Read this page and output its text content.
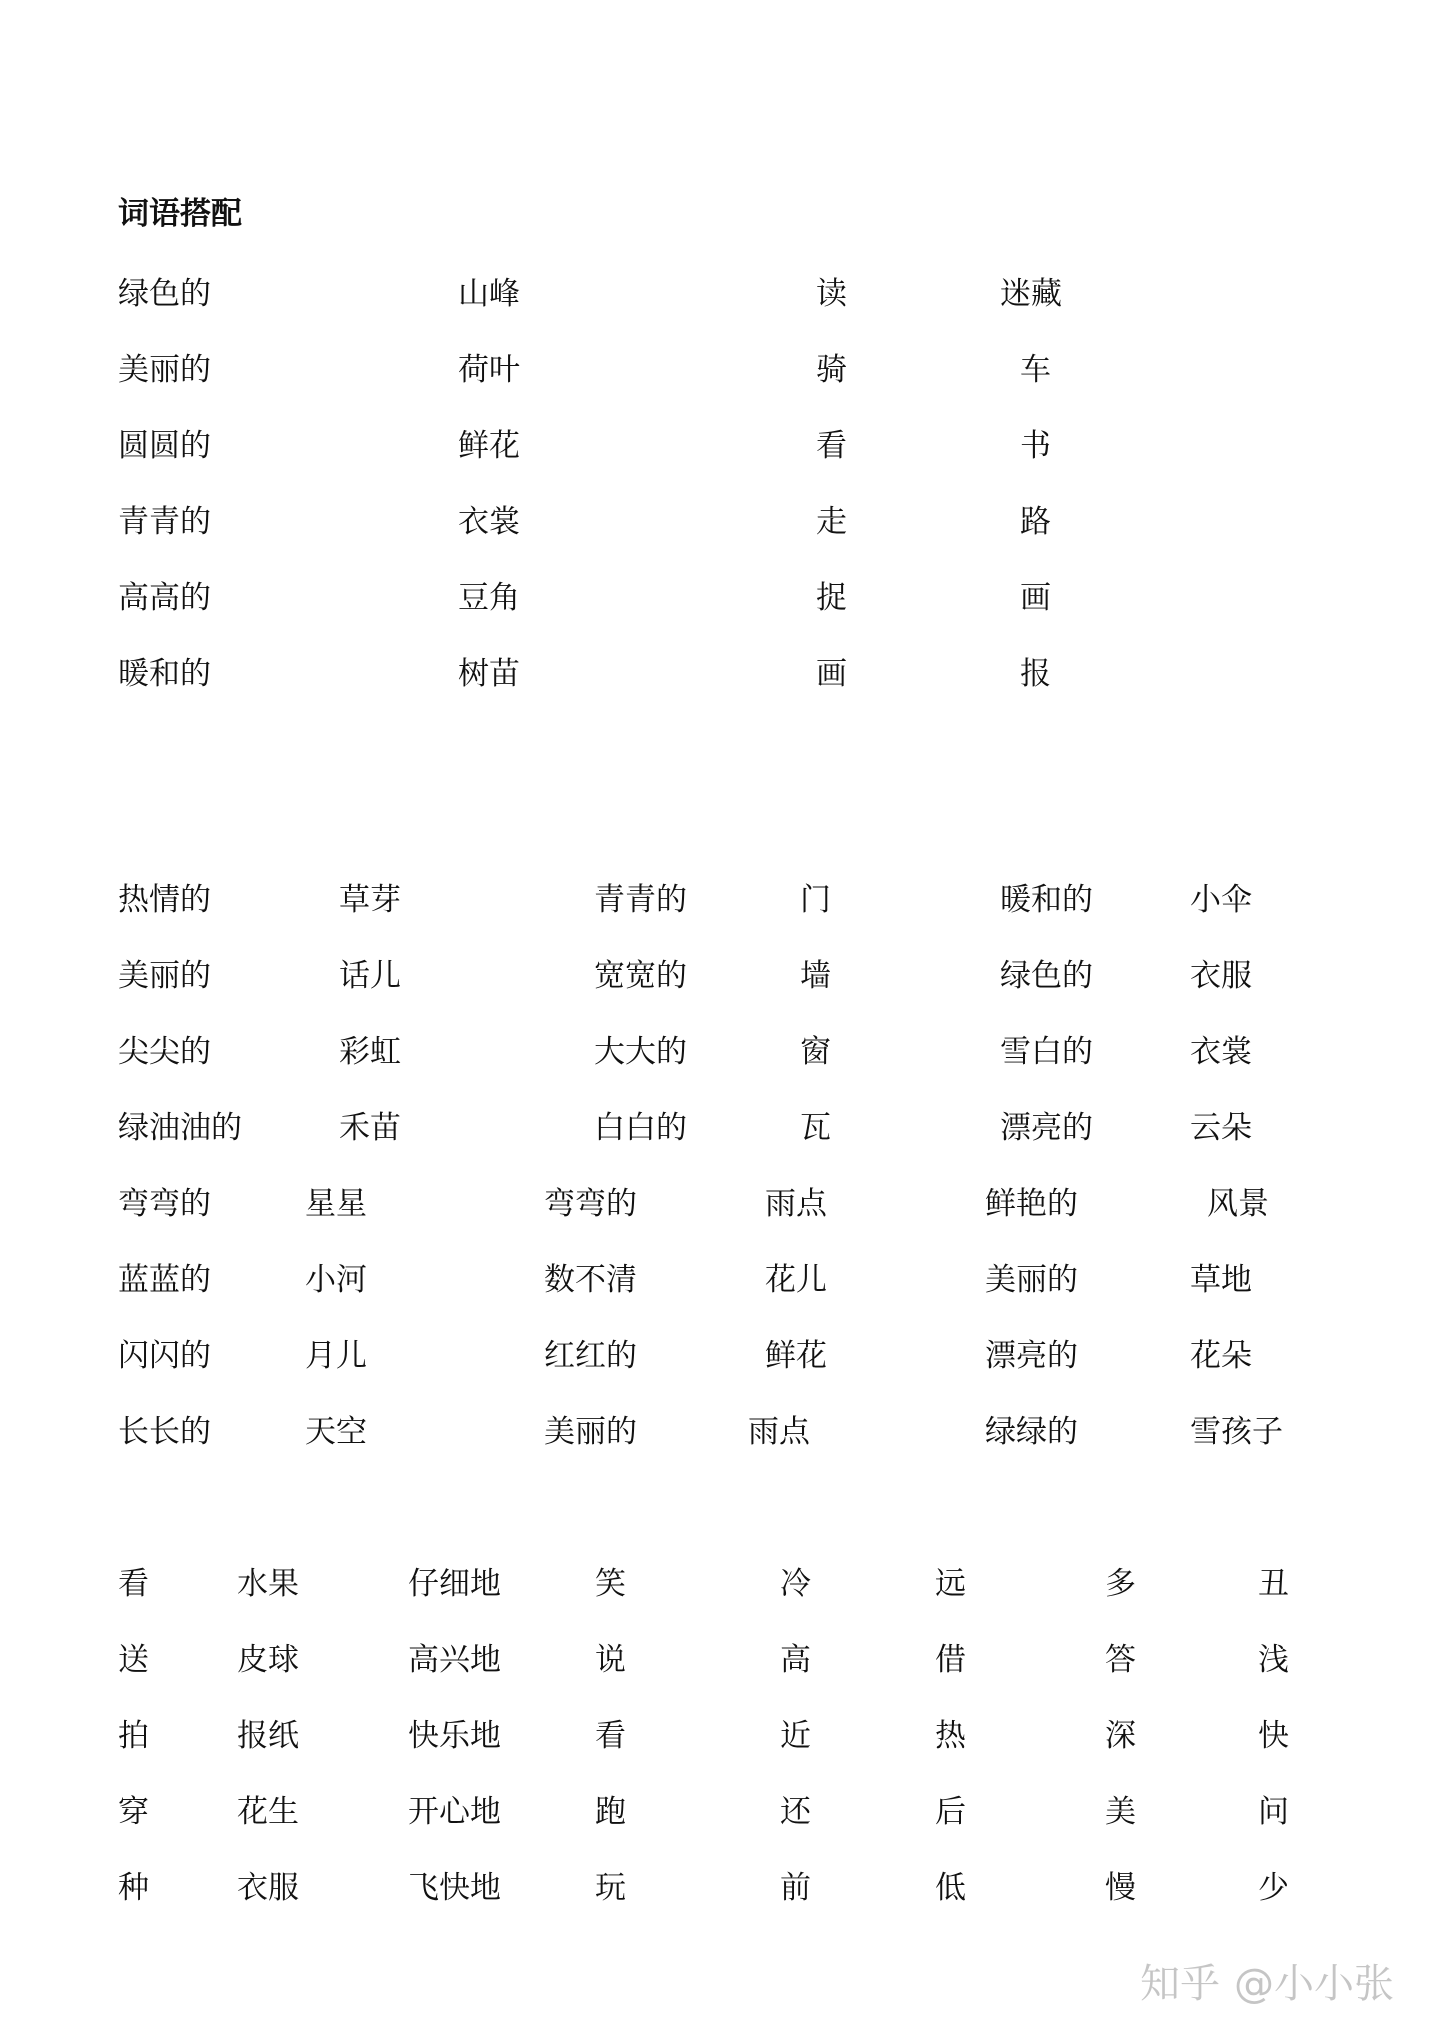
词语搭配
绿色的	山峰	读	迷藏
美丽的	荷叶	骑	车
圆圆的	鲜花	看	书
青青的	衣裳	走	路
高高的	豆角	捉	画
暖和的	树苗	画	报
热情的	草芽	青青的	门	暖和的	小伞
美丽的	话儿	宽宽的	墙	绿色的	衣服
尖尖的	彩虹	大大的	窗	雪白的	衣裳
绿油油的	禾苗	白白的	瓦	漂亮的	云朵
弯弯的	星星	弯弯的	雨点	鲜艳的	风景
蓝蓝的	小河	数不清	花儿	美丽的	草地
闪闪的	月儿	红红的	鲜花	漂亮的	花朵
长长的	天空	美丽的	雨点	绿绿的	雪孩子
看	水果	仔细地	笑	冷	远	多	丑
送	皮球	高兴地	说	高	借	答	浅
拍	报纸	快乐地	看	近	热	深	快
穿	花生	开心地	跑	还	后	美	问
种	衣服	飞快地	玩	前	低	慢	少
知乎 @小小张
